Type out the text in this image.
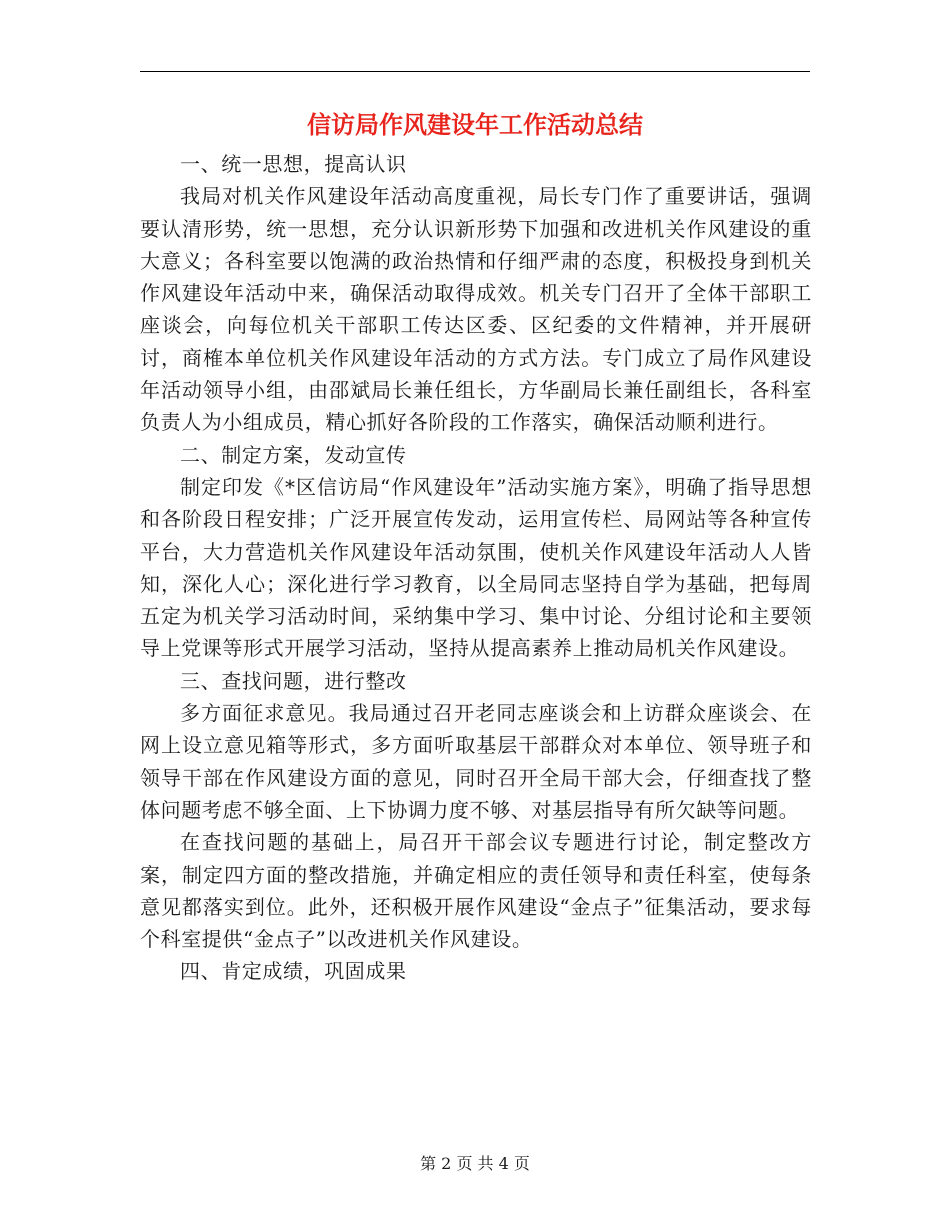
信访局作风建设年工作活动总结

一、统一思想，提高认识

我局对机关作风建设年活动高度重视，局长专门作了重要讲话，强调要认清形势，统一思想，充分认识新形势下加强和改进机关作风建设的重大意义；各科室要以饱满的政治热情和仔细严肃的态度，积极投身到机关作风建设年活动中来，确保活动取得成效。机关专门召开了全体干部职工座谈会，向每位机关干部职工传达区委、区纪委的文件精神，并开展研讨，商榷本单位机关作风建设年活动的方式方法。专门成立了局作风建设年活动领导小组，由邵斌局长兼任组长，方华副局长兼任副组长，各科室负责人为小组成员，精心抓好各阶段的工作落实，确保活动顺利进行。

二、制定方案，发动宣传

制定印发《*区信访局“作风建设年”活动实施方案》，明确了指导思想和各阶段日程安排；广泛开展宣传发动，运用宣传栏、局网站等各种宣传平台，大力营造机关作风建设年活动氛围，使机关作风建设年活动人人皆知，深化人心；深化进行学习教育，以全局同志坚持自学为基础，把每周五定为机关学习活动时间，采纳集中学习、集中讨论、分组讨论和主要领导上党课等形式开展学习活动，坚持从提高素养上推动局机关作风建设。

三、查找问题，进行整改

多方面征求意见。我局通过召开老同志座谈会和上访群众座谈会、在网上设立意见箱等形式，多方面听取基层干部群众对本单位、领导班子和领导干部在作风建设方面的意见，同时召开全局干部大会，仔细查找了整体问题考虑不够全面、上下协调力度不够、对基层指导有所欠缺等问题。

在查找问题的基础上，局召开干部会议专题进行讨论，制定整改方案，制定四方面的整改措施，并确定相应的责任领导和责任科室，使每条意见都落实到位。此外，还积极开展作风建设“金点子”征集活动，要求每个科室提供“金点子”以改进机关作风建设。

四、肯定成绩，巩固成果

第 2 页 共 4 页
